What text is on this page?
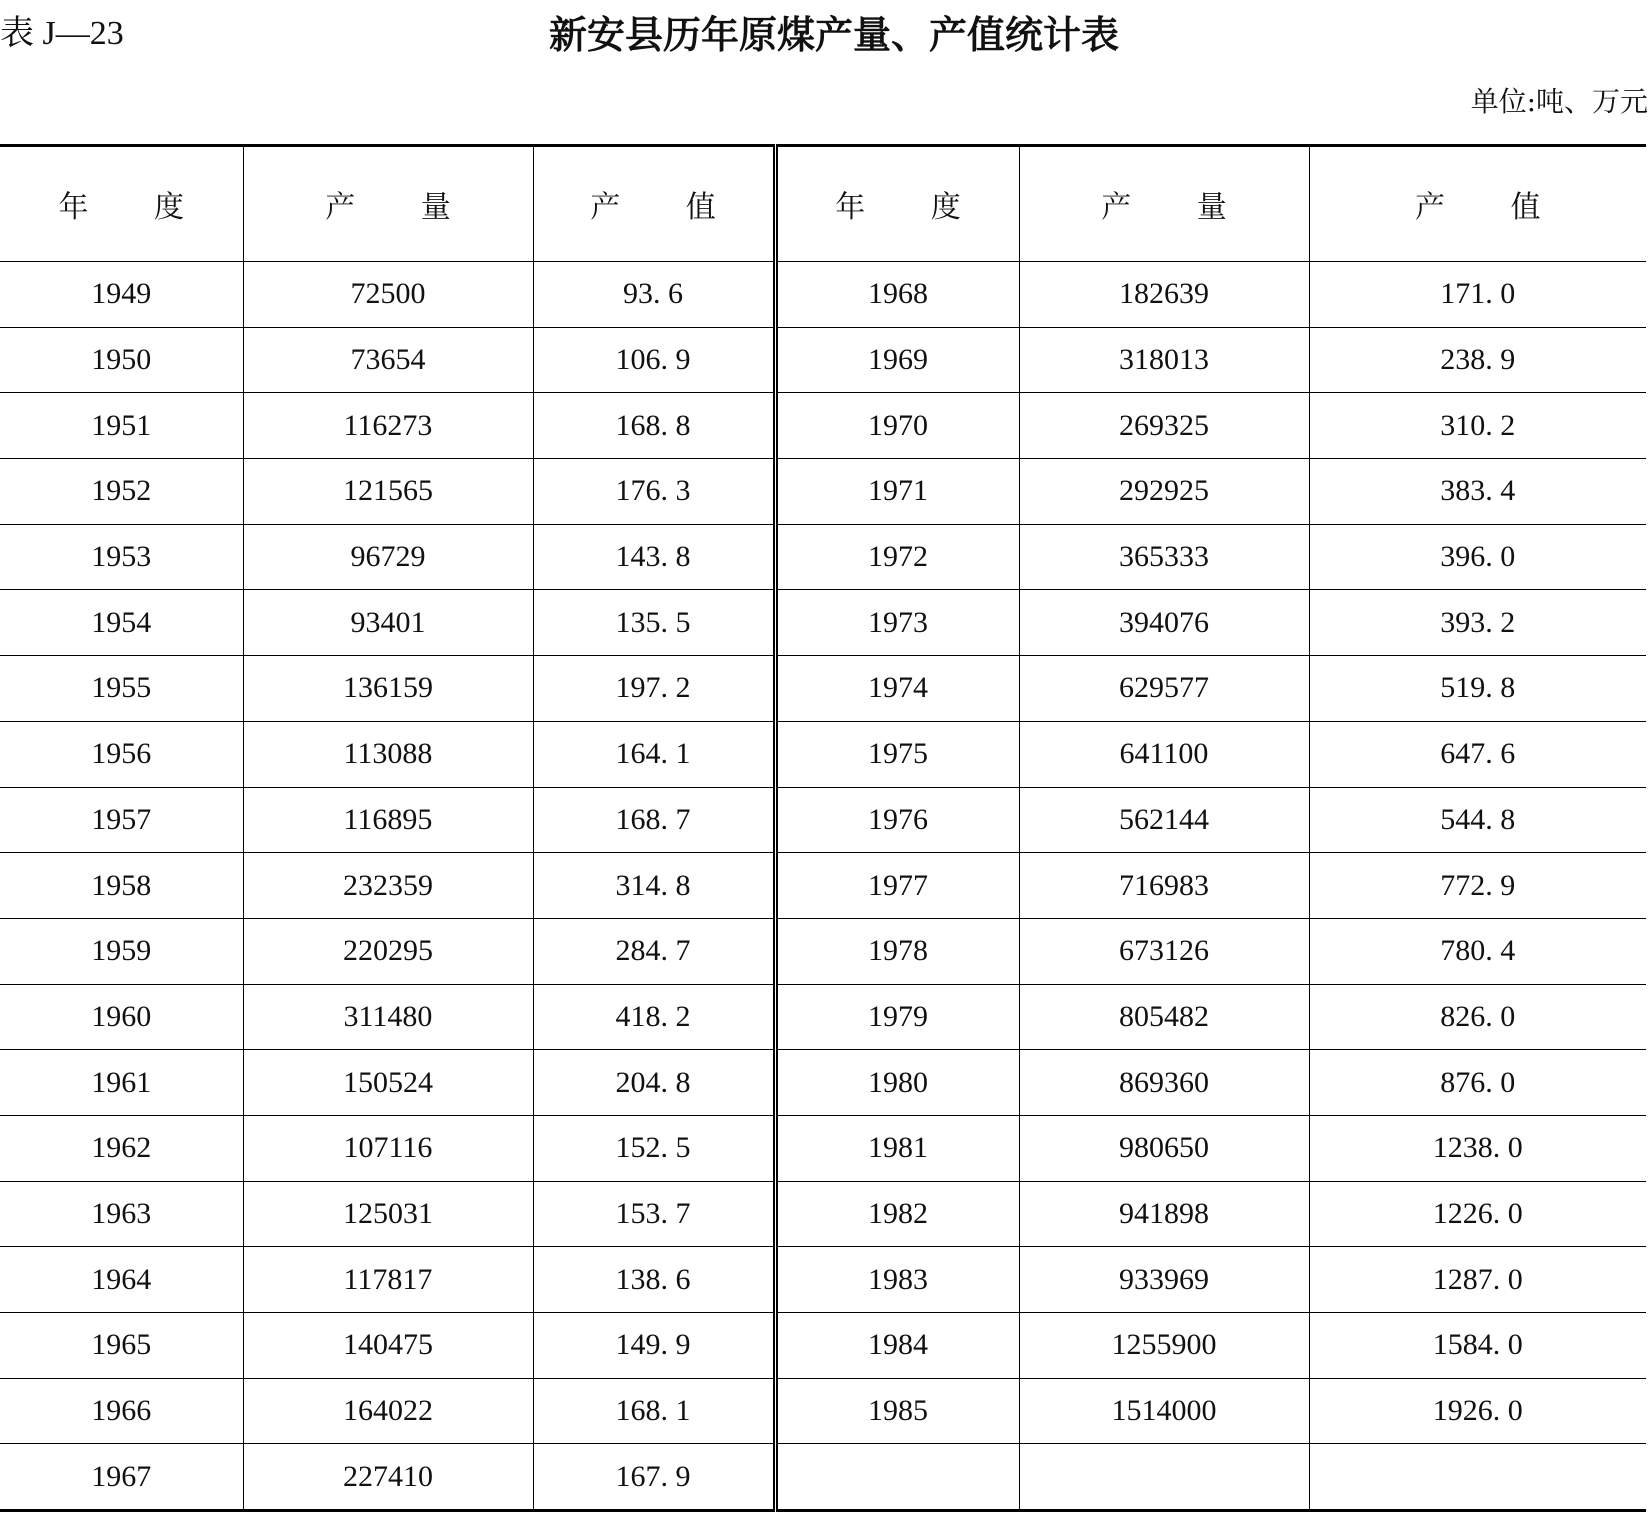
表 J—23	新安县历年原煤产量、产值统计表
单位:吨、万元
年 度	产 量	产 值	年 度	产 量	产 值
1949	72500	93. 6	1968	182639	171. 0
1950	73654	106. 9	1969	318013	238. 9
1951	116273	168. 8	1970	269325	310. 2
1952	121565	176. 3	1971	292925	383. 4
1953	96729	143. 8	1972	365333	396. 0
1954	93401	135. 5	1973	394076	393. 2
1955	136159	197. 2	1974	629577	519. 8
1956	113088	164. 1	1975	641100	647. 6
1957	116895	168. 7	1976	562144	544. 8
1958	232359	314. 8	1977	716983	772. 9
1959	220295	284. 7	1978	673126	780. 4
1960	311480	418. 2	1979	805482	826. 0
1961	150524	204. 8	1980	869360	876. 0
1962	107116	152. 5	1981	980650	1238. 0
1963	125031	153. 7	1982	941898	1226. 0
1964	117817	138. 6	1983	933969	1287. 0
1965	140475	149. 9	1984	1255900	1584. 0
1966	164022	168. 1	1985	1514000	1926. 0
1967	227410	167. 9			
